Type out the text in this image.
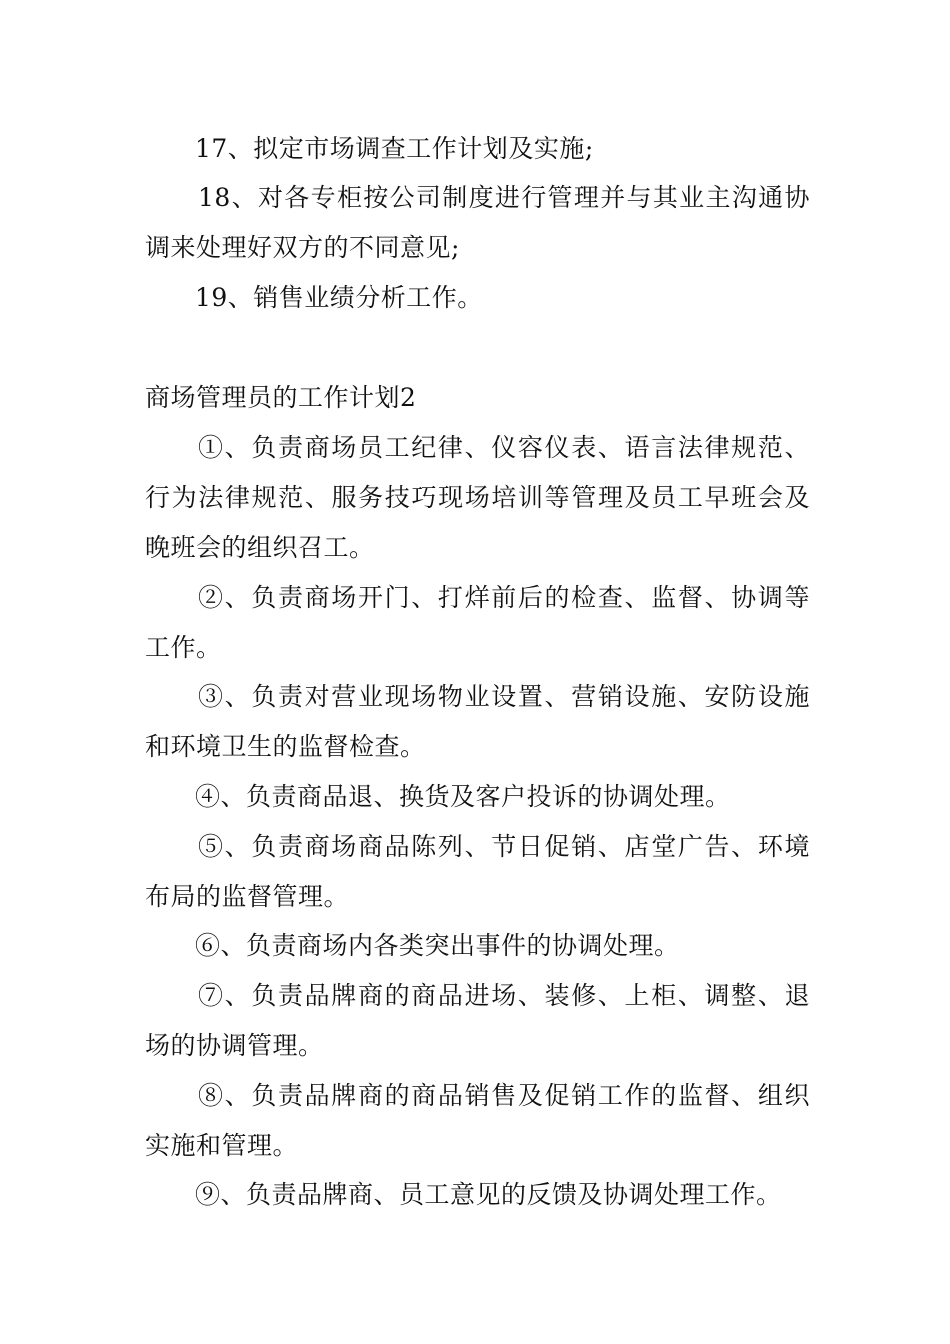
17、拟定市场调查工作计划及实施;
18、对各专柜按公司制度进行管理并与其业主沟通协
调来处理好双方的不同意见;
19、销售业绩分析工作。
商场管理员的工作计划2
①、负责商场员工纪律、仪容仪表、语言法律规范、
行为法律规范、服务技巧现场培训等管理及员工早班会及
晚班会的组织召工。
②、负责商场开门、打烊前后的检查、监督、协调等
工作。
③、负责对营业现场物业设置、营销设施、安防设施
和环境卫生的监督检查。
④、负责商品退、换货及客户投诉的协调处理。
⑤、负责商场商品陈列、节日促销、店堂广告、环境
布局的监督管理。
⑥、负责商场内各类突出事件的协调处理。
⑦、负责品牌商的商品进场、装修、上柜、调整、退
场的协调管理。
⑧、负责品牌商的商品销售及促销工作的监督、组织
实施和管理。
⑨、负责品牌商、员工意见的反馈及协调处理工作。
